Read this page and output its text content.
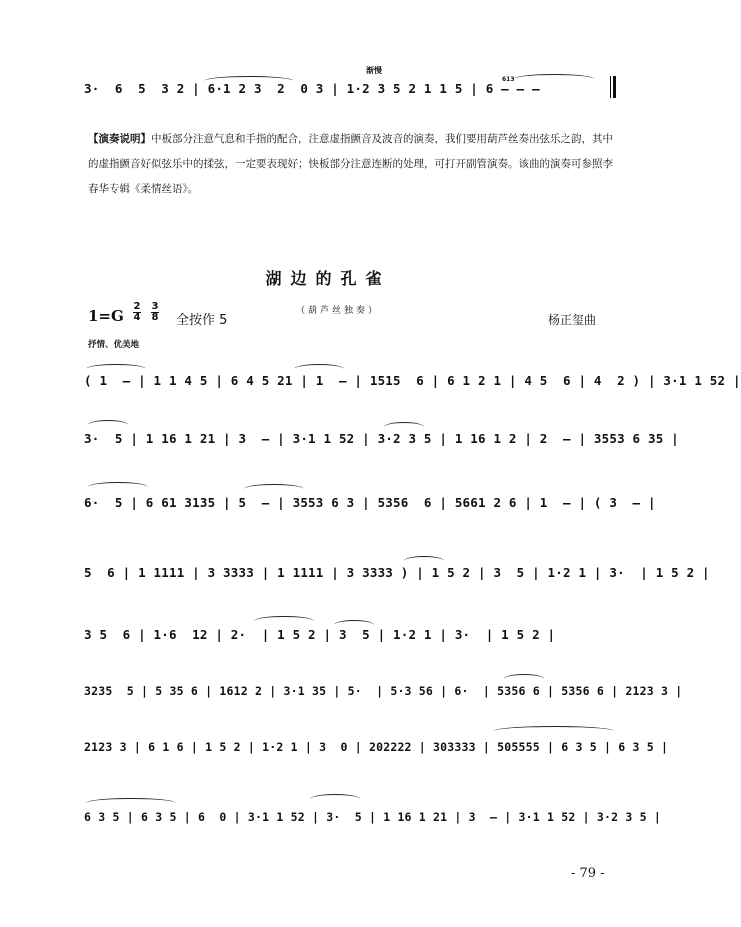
渐慢
613
3·  6  5  3 2 | 6·1 2 3  2  0 3 | 1·2 3 5 2 1 1 5 | 6 — — —
【演奏说明】中板部分注意气息和手指的配合，注意虚指颤音及波音的演奏，我们要用葫芦丝奏出弦乐之韵，其中的虚指颤音好似弦乐中的揉弦，一定要表现好；快板部分注意连断的处理，可打开副管演奏。该曲的演奏可参照李春华专辑《柔情丝语》。
湖边的孔雀
1=G
2
4
3
8 全按作 5
（葫芦丝独奏）
杨正玺曲
抒情、优美地
( 1  — | 1 1 4 5 | 6 4 5 21 | 1  — | 1515  6 | 6 1 2 1 | 4 5  6 | 4  2 ) | 3·1 1 52 |
3·  5 | 1 16 1 21 | 3  — | 3·1 1 52 | 3·2 3 5 | 1 16 1 2 | 2  — | 3553 6 35 |
6·  5 | 6 61 3135 | 5  — | 3553 6 3 | 5356  6 | 5661 2 6 | 1  — | ( 3  — |
5  6 | 1 1111 | 3 3333 | 1 1111 | 3 3333 ) | 1 5 2 | 3  5 | 1·2 1 | 3·  | 1 5 2 |
3 5  6 | 1·6  12 | 2·  | 1 5 2 | 3  5 | 1·2 1 | 3·  | 1 5 2 |
3235  5 | 5 35 6 | 1612 2 | 3·1 35 | 5·  | 5·3 56 | 6·  | 5356 6 | 5356 6 | 2123 3 |
2123 3 | 6 1 6 | 1 5 2 | 1·2 1 | 3  0 | 202222 | 303333 | 505555 | 6 3 5 | 6 3 5 |
6 3 5 | 6 3 5 | 6  0 | 3·1 1 52 | 3·  5 | 1 16 1 21 | 3  — | 3·1 1 52 | 3·2 3 5 |
- 79 -
